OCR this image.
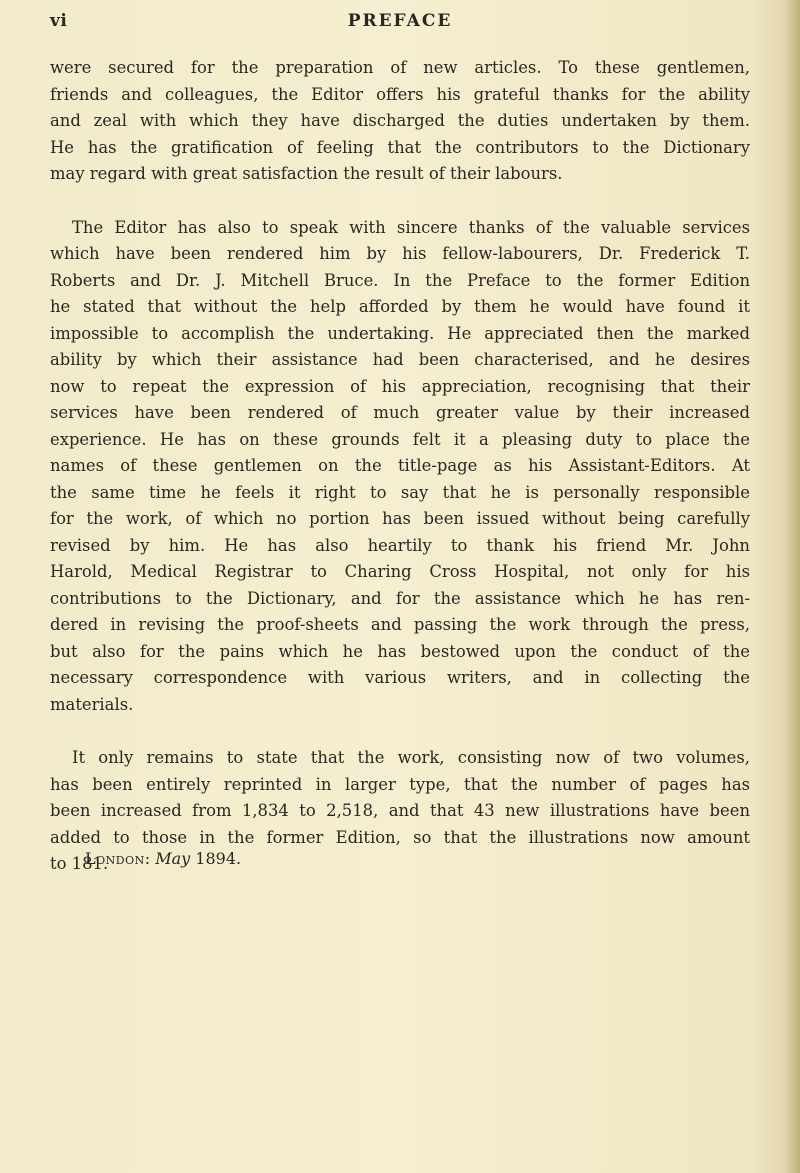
vi	PREFACE
were secured for the preparation of new articles. To these gentlemen,
friends and colleagues, the Editor offers his grateful thanks for the ability
and zeal with which they have discharged the duties undertaken by them.
He has the gratification of feeling that the contributors to the Dictionary
may regard with great satisfaction the result of their labours.
The Editor has also to speak with sincere thanks of the valuable services
which have been rendered him by his fellow-labourers, Dr. Frederick T.
Roberts and Dr. J. Mitchell Bruce. In the Preface to the former Edition
he stated that without the help afforded by them he would have found it
impossible to accomplish the undertaking. He appreciated then the marked
ability by which their assistance had been characterised, and he desires
now to repeat the expression of his appreciation, recognising that their
services have been rendered of much greater value by their increased
experience. He has on these grounds felt it a pleasing duty to place the
names of these gentlemen on the title-page as his Assistant-Editors. At
the same time he feels it right to say that he is personally responsible
for the work, of which no portion has been issued without being carefully
revised by him. He has also heartily to thank his friend Mr. John
Harold, Medical Registrar to Charing Cross Hospital, not only for his
contributions to the Dictionary, and for the assistance which he has ren-
dered in revising the proof-sheets and passing the work through the press,
but also for the pains which he has bestowed upon the conduct of the
necessary correspondence with various writers, and in collecting the
materials.
It only remains to state that the work, consisting now of two volumes,
has been entirely reprinted in larger type, that the number of pages has
been increased from 1,834 to 2,518, and that 43 new illustrations have been
added to those in the former Edition, so that the illustrations now amount
to 181.
London: May 1894.
